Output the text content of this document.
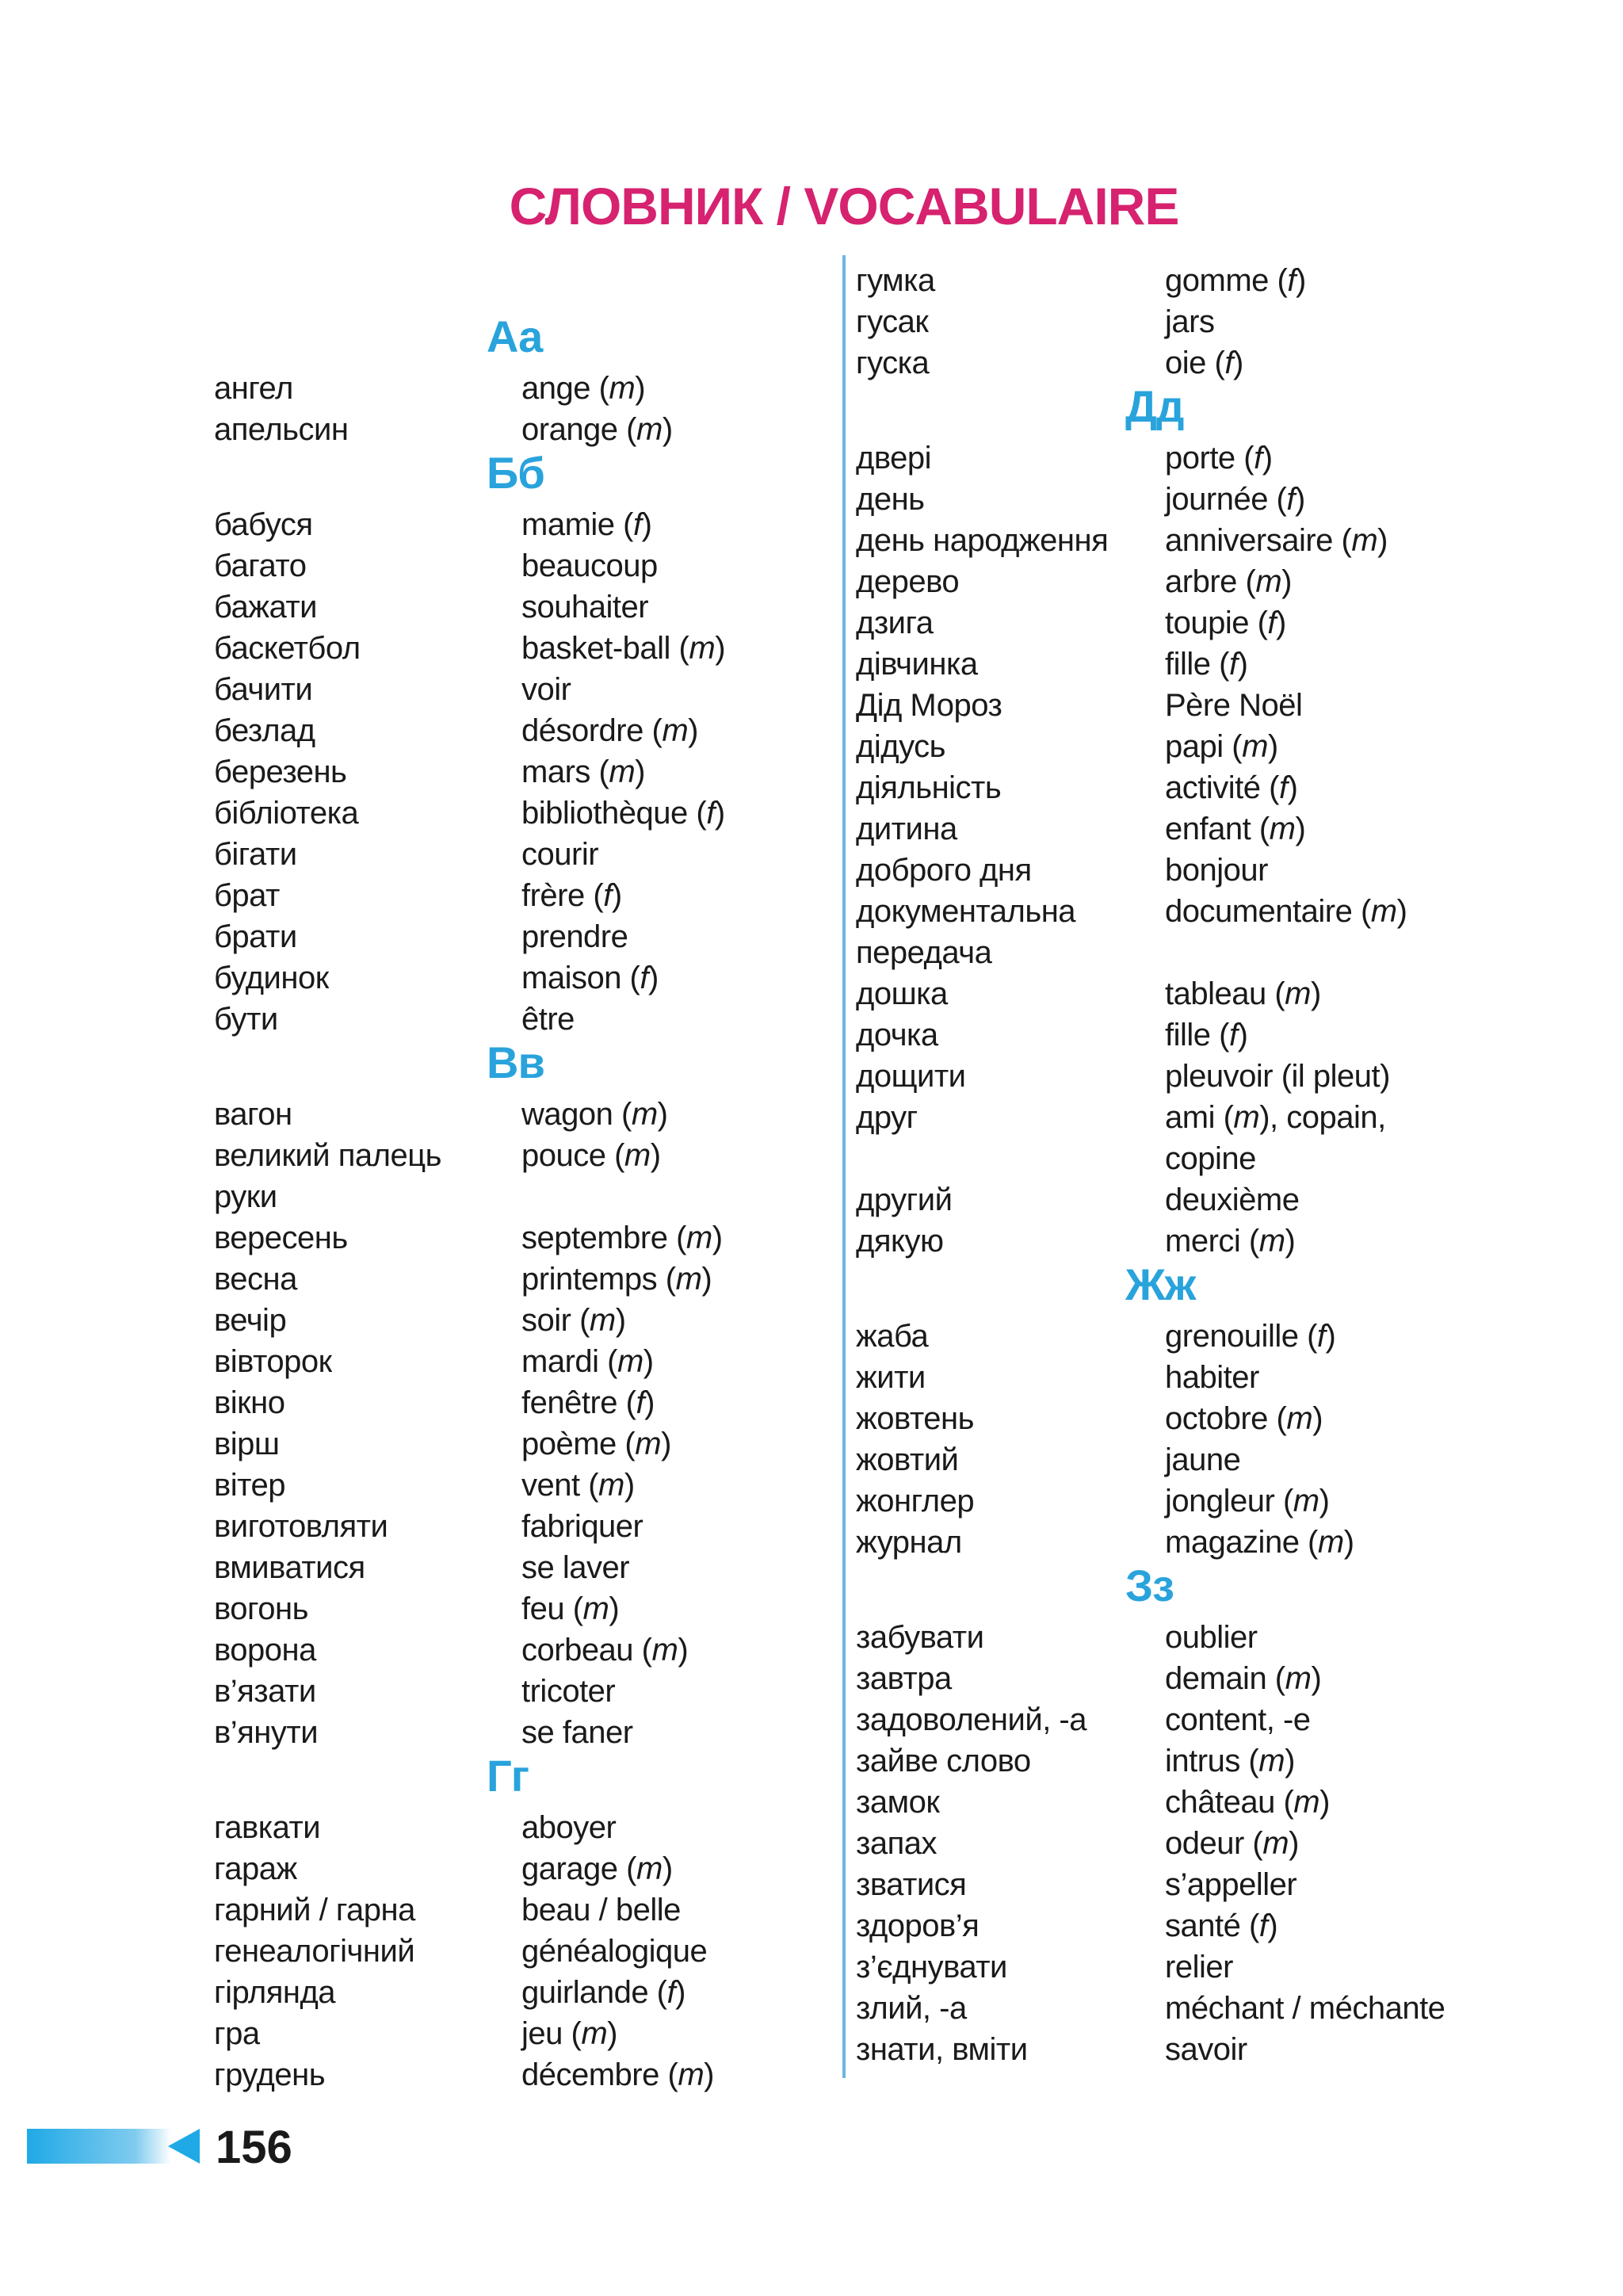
СЛОВНИК / VOCABULAIRE
Аа
ангел	ange (m)
апельсин	orange (m)
Бб
бабуся	mamie (f)
багато	beaucoup
бажати	souhaiter
баскетбол	basket-ball (m)
бачити	voir
безлад	désordre (m)
березень	mars (m)
бібліотека	bibliothèque (f)
бігати	courir
брат	frère (f)
брати	prendre
будинок	maison (f)
бути	être
Вв
вагон	wagon (m)
великий палець	pouce (m)
руки
вересень	septembre (m)
весна	printemps (m)
вечір	soir (m)
вівторок	mardi (m)
вікно	fenêtre (f)
вірш	poème (m)
вітер	vent (m)
виготовляти	fabriquer
вмиватися	se laver
вогонь	feu (m)
ворона	corbeau (m)
в’язати	tricoter
в’янути	se faner
Гг
гавкати	aboyer
гараж	garage (m)
гарний / гарна	beau / belle
генеалогічний	généalogique
гірлянда	guirlande (f)
гра	jeu (m)
грудень	décembre (m)
гумка	gomme (f)
гусак	jars
гуска	oie (f)
Дд
двері	porte (f)
день	journée (f)
день народження anniversaire (m)
дерево	arbre (m)
дзига	toupie (f)
дівчинка	fille (f)
Дід Мороз	Père Noël
дідусь	papi (m)
діяльність	activité (f)
дитина	enfant (m)
доброго дня	bonjour
документальна	documentaire (m)
передача
дошка	tableau (m)
дочка	fille (f)
дощити	pleuvoir (il pleut)
друг	ami (m), copain,
copine
другий	deuxième
дякую	merci (m)
Жж
жаба	grenouille (f)
жити	habiter
жовтень	octobre (m)
жовтий	jaune
жонглер	jongleur (m)
журнал	magazine (m)
Зз
забувати	oublier
завтра	demain (m)
задоволений, -а content, -e
зайве слово	intrus (m)
замок	château (m)
запах	odeur (m)
зватися	s’appeller
здоров’я	santé (f)
з’єднувати	relier
злий, -а	méchant / méchante
знати, вміти	savoir
156
